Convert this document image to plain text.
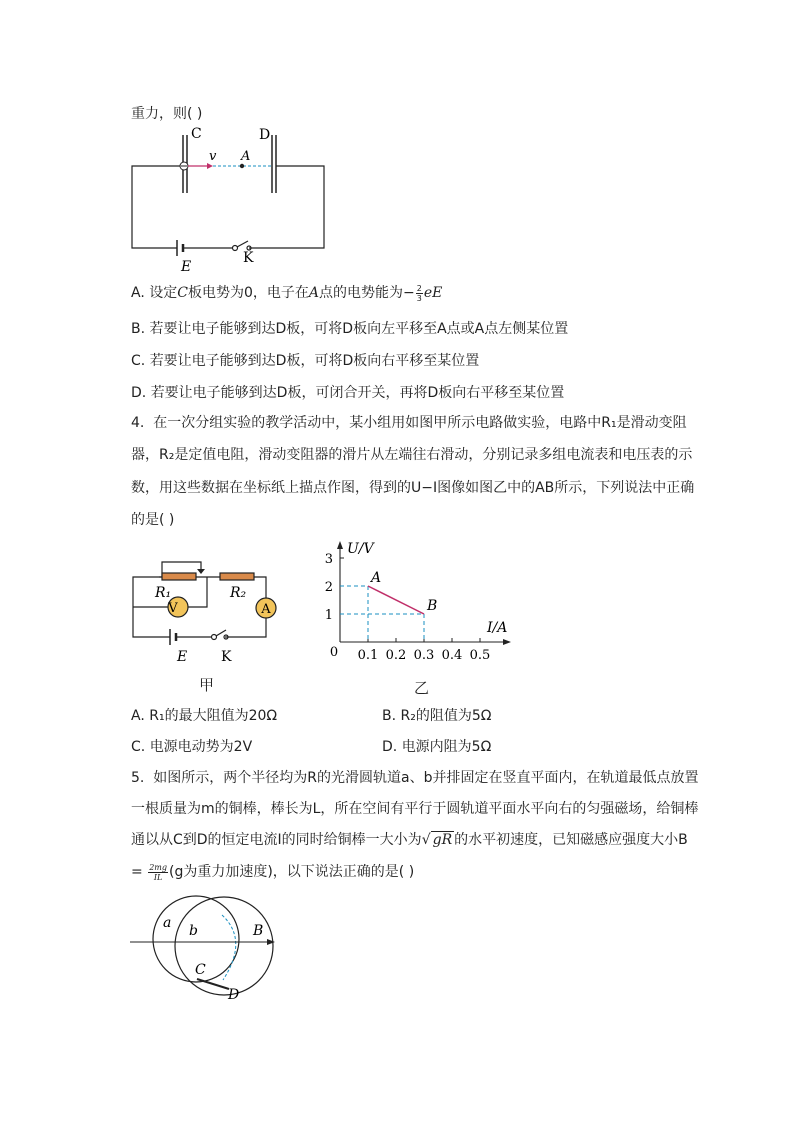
重力，则( )
C	D
v A
E
K
A. 设定C板电势为0，电子在A点的电势能为− $\frac{2}{3}$ eE
B. 若要让电子能够到达D板，可将D板向左平移至A点或A点左侧某位置
C. 若要让电子能够到达D板，可将D板向右平移至某位置
D. 若要让电子能够到达D板，可闭合开关，再将D板向右平移至某位置
4. 在一次分组实验的教学活动中，某小组用如图甲所示电路做实验，电路中R₁是滑动变阻
器，R₂是定值电阻，滑动变阻器的滑片从左端往右滑动，分别记录多组电流表和电压表的示
数，用这些数据在坐标纸上描点作图，得到的U−I图像如图乙中的AB所示，下列说法中正确
的是( )
V	A
R₁	R₂
E K
甲
0.1 0.2 0.3 0.4 0.5
1
2
3
A
B
U/V
I/A
0
乙
A. R₁的最大阻值为20Ω	B. R₂的阻值为5Ω
C. 电源电动势为2V	D. 电源内阻为5Ω
5. 如图所示，两个半径均为R的光滑圆轨道a、b并排固定在竖直平面内，在轨道最低点放置
一根质量为m的铜棒，棒长为L，所在空间有平行于圆轨道平面水平向右的匀强磁场，给铜棒
通以从C到D的恒定电流I的同时给铜棒一大小为√ gR 的水平初速度，已知磁感应强度大小B
= $\frac{2mg}{IL} (g$为重力加速度)，以下说法正确的是( )
a b	B
C
D
